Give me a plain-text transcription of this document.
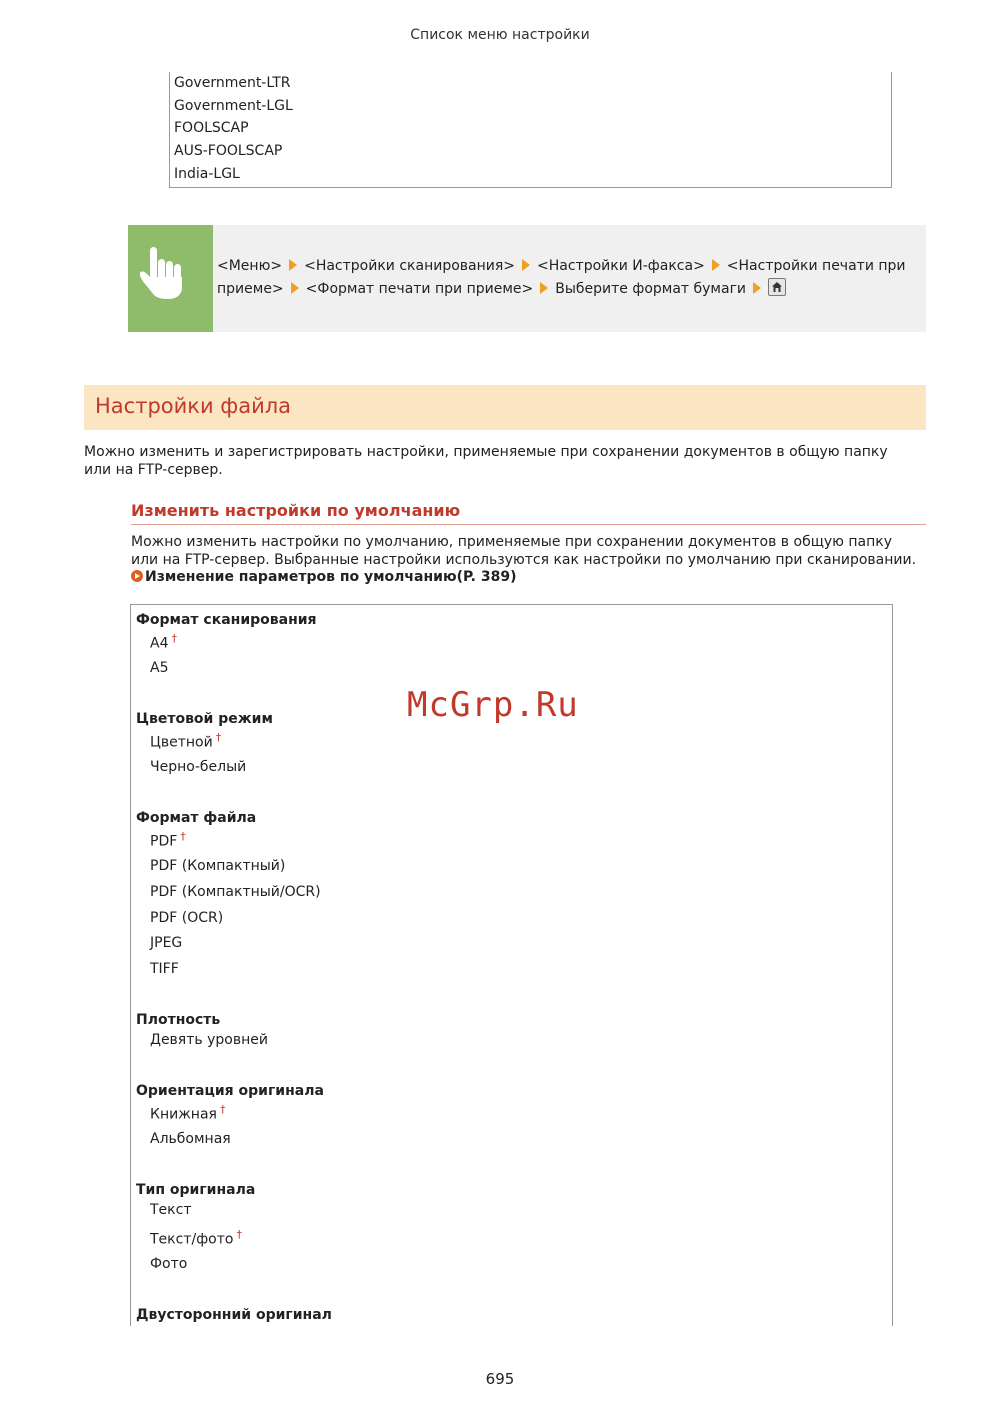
Список меню настройки
Government-LTR
Government-LGL
FOOLSCAP
AUS-FOOLSCAP
India-LGL
<Меню> <Настройки сканирования> <Настройки И-факса> <Настройки печати при
приеме> <Формат печати при приеме> Выберите формат бумаги
Настройки файла
Можно изменить и зарегистрировать настройки, применяемые при сохранении документов в общую папку
или на FTP-сервер.
Изменить настройки по умолчанию
Можно изменить настройки по умолчанию, применяемые при сохранении документов в общую папку
или на FTP-сервер. Выбранные настройки используются как настройки по умолчанию при сканировании.
Изменение параметров по умолчанию(P. 389)
Формат сканирования
A4 †
A5
Цветовой режим
Цветной †
Черно-белый
Формат файла
PDF †
PDF (Компактный)
PDF (Компактный/OCR)
PDF (OCR)
JPEG
TIFF
Плотность
Девять уровней
Ориентация оригинала
Книжная †
Альбомная
Тип оригинала
Текст
Текст/фото †
Фото
Двусторонний оригинал
McGrp.Ru
695
